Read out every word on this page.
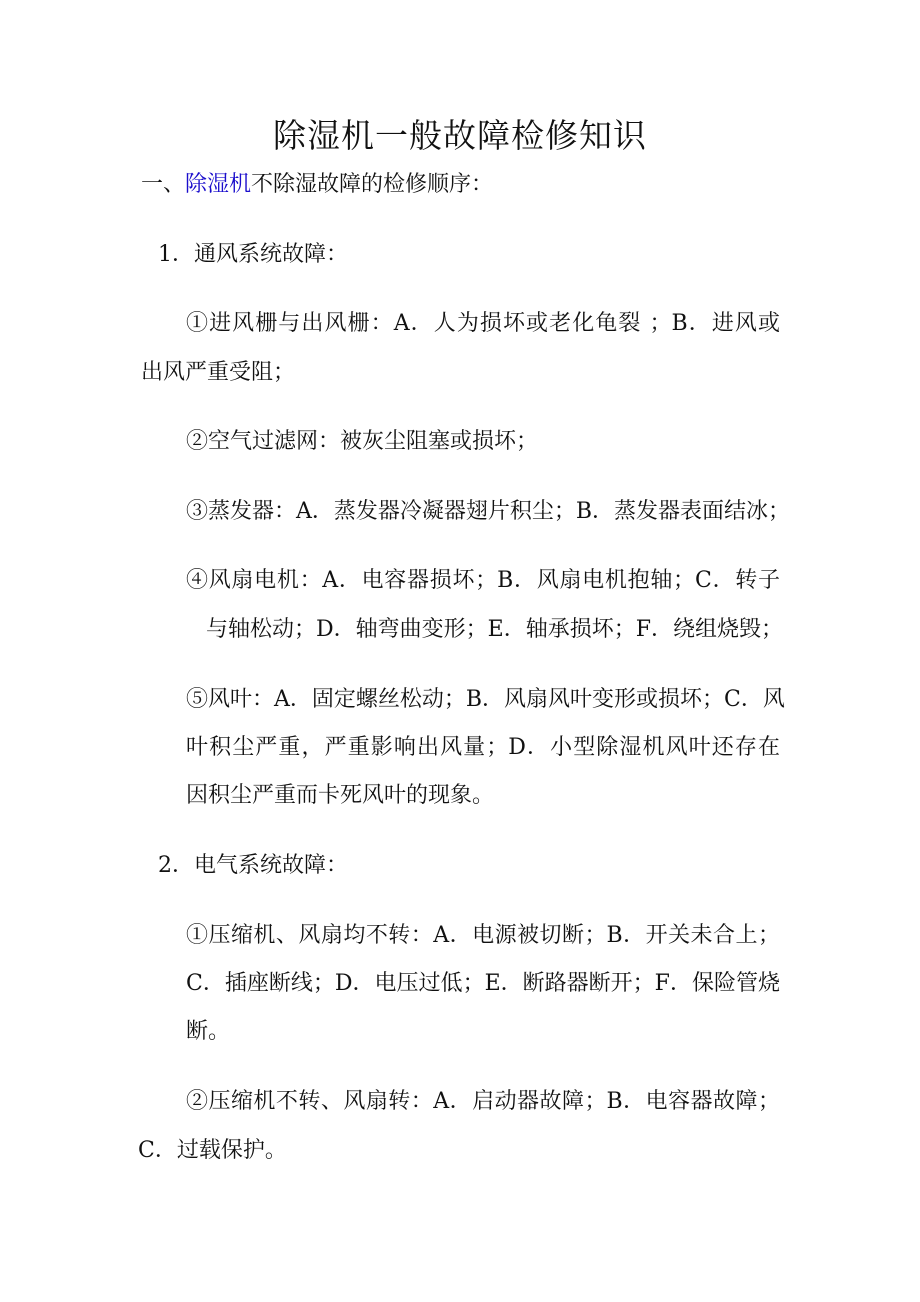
除湿机一般故障检修知识
一、除湿机不除湿故障的检修顺序：
1．通风系统故障：
①进风栅与出风栅：A．人为损坏或老化龟裂 ；B．进风或
出风严重受阻；
②空气过滤网：被灰尘阻塞或损坏；
③蒸发器：A．蒸发器冷凝器翅片积尘；B．蒸发器表面结冰；
④风扇电机：A．电容器损坏；B．风扇电机抱轴；C．转子
与轴松动；D．轴弯曲变形；E．轴承损坏；F．绕组烧毁；
⑤风叶：A．固定螺丝松动；B．风扇风叶变形或损坏；C．风
叶积尘严重，严重影响出风量；D．小型除湿机风叶还存在
因积尘严重而卡死风叶的现象。
2．电气系统故障：
①压缩机、风扇均不转：A．电源被切断；B．开关未合上；
C．插座断线；D．电压过低；E．断路器断开；F．保险管烧
断。
②压缩机不转、风扇转：A．启动器故障；B．电容器故障；
C．过载保护。
